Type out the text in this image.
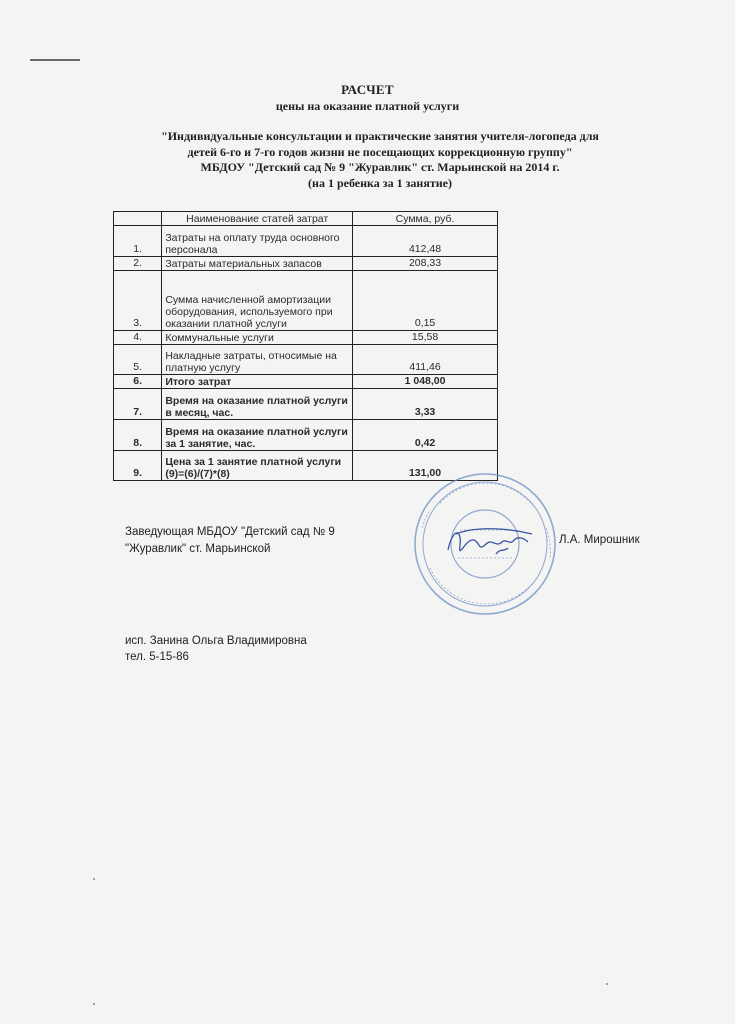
РАСЧЕТ
цены на оказание платной услуги
"Индивидуальные консультации и практические занятия учителя-логопеда для
детей 6-го и 7-го годов жизни не посещающих коррекционную группу"
МБДОУ "Детский сад № 9 "Журавлик" ст. Марьинской на 2014 г.
(на 1 ребенка за 1 занятие)
	Наименование статей затрат	Сумма, руб.
1.	Затраты на оплату труда основного персонала	412,48
2.	Затраты материальных запасов	208,33
3.	Сумма начисленной амортизации оборудования, используемого при оказании платной услуги	0,15
4.	Коммунальные услуги	15,58
5.	Накладные затраты, относимые на платную услугу	411,46
6.	Итого затрат	1 048,00
7.	Время на оказание платной услуги в месяц, час.	3,33
8.	Время на оказание платной услуги за 1 занятие, час.	0,42
9.	Цена за 1 занятие платной услуги (9)=(6)/(7)*(8)	131,00
Заведующая МБДОУ "Детский сад № 9
"Журавлик" ст. Марьинской
Л.А. Мирошник
исп. Занина Ольга Владимировна
тел. 5-15-86
